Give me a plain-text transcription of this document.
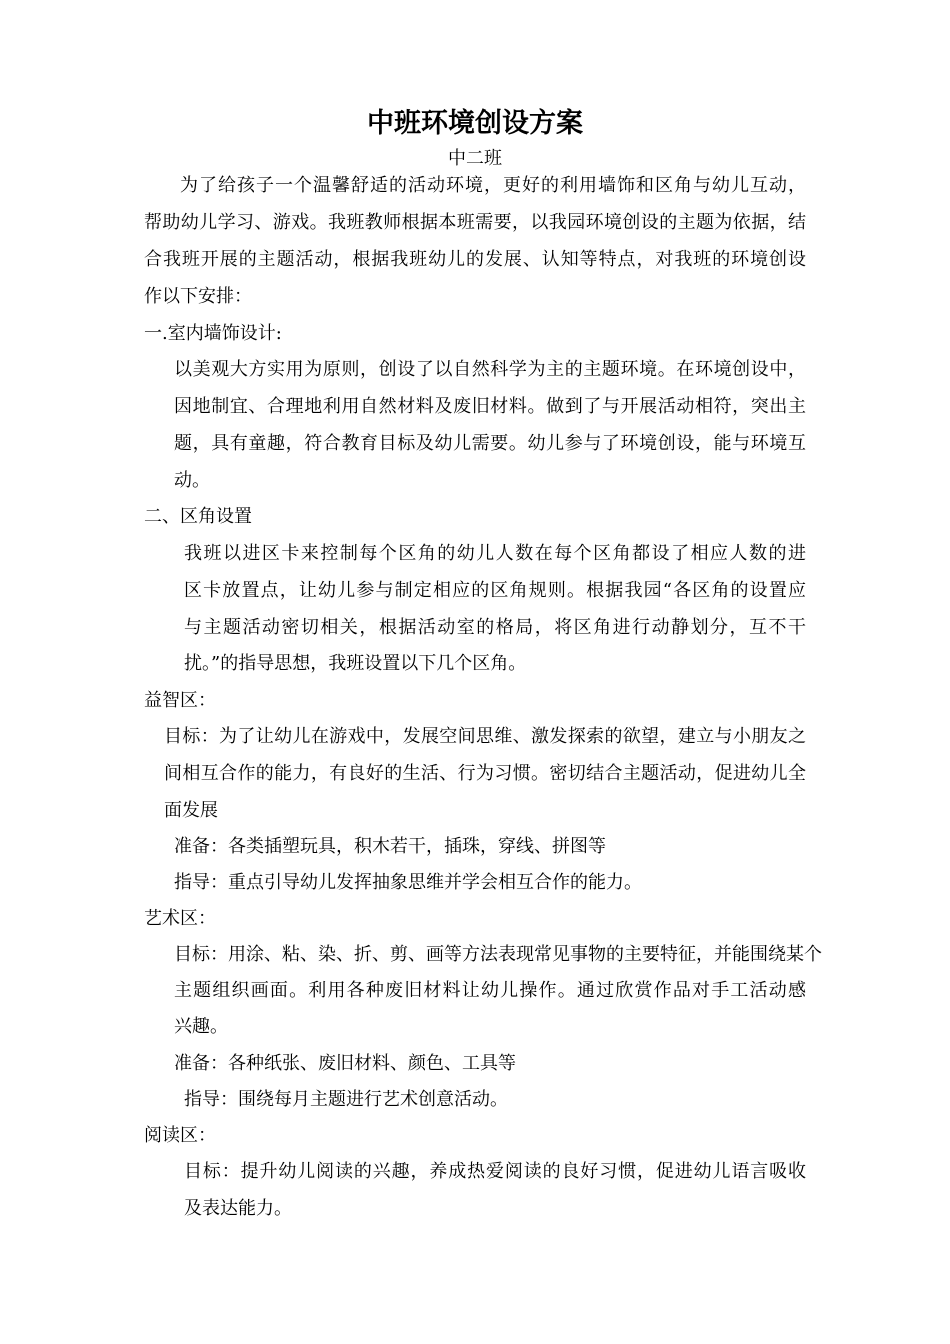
中班环境创设方案
中二班
为了给孩子一个温馨舒适的活动环境，更好的利用墙饰和区角与幼儿互动，
帮助幼儿学习、游戏。我班教师根据本班需要，以我园环境创设的主题为依据，结
合我班开展的主题活动，根据我班幼儿的发展、认知等特点，对我班的环境创设
作以下安排：
一.室内墙饰设计:
以美观大方实用为原则，创设了以自然科学为主的主题环境。在环境创设中，
因地制宜、合理地利用自然材料及废旧材料。做到了与开展活动相符，突出主
题，具有童趣，符合教育目标及幼儿需要。幼儿参与了环境创设，能与环境互
动。
二、区角设置
我班以进区卡来控制每个区角的幼儿人数在每个区角都设了相应人数的进
区卡放置点，让幼儿参与制定相应的区角规则。根据我园“各区角的设置应
与主题活动密切相关，根据活动室的格局，将区角进行动静划分，互不干
扰。”的指导思想，我班设置以下几个区角。
益智区：
目标：为了让幼儿在游戏中，发展空间思维、激发探索的欲望，建立与小朋友之
间相互合作的能力，有良好的生活、行为习惯。密切结合主题活动，促进幼儿全
面发展
准备：各类插塑玩具，积木若干，插珠，穿线、拼图等
指导：重点引导幼儿发挥抽象思维并学会相互合作的能力。
艺术区：
目标：用涂、粘、染、折、剪、画等方法表现常见事物的主要特征，并能围绕某个
主题组织画面。利用各种废旧材料让幼儿操作。通过欣赏作品对手工活动感
兴趣。
准备：各种纸张、废旧材料、颜色、工具等
指导：围绕每月主题进行艺术创意活动。
阅读区：
目标：提升幼儿阅读的兴趣，养成热爱阅读的良好习惯，促进幼儿语言吸收
及表达能力。
